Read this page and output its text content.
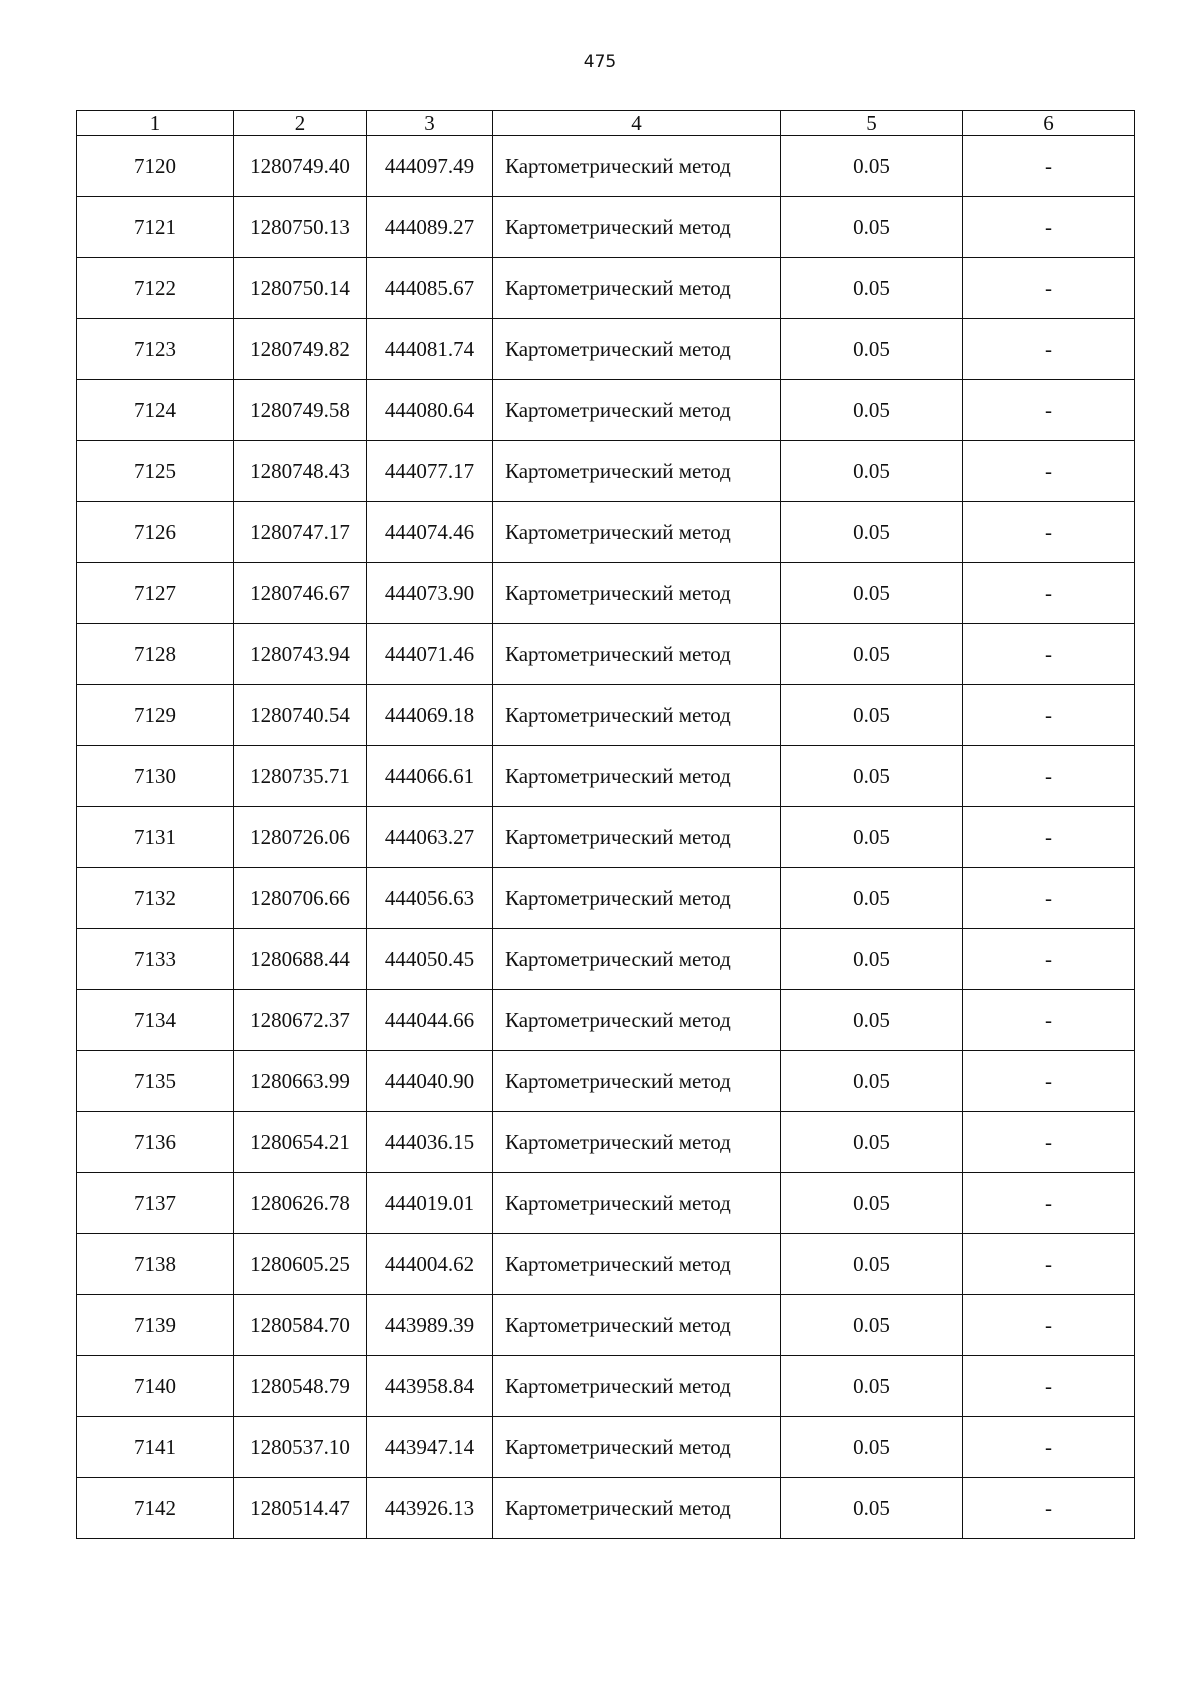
475
1	2	3	4	5	6
7120	1280749.40	444097.49	Картометрический метод	0.05	-
7121	1280750.13	444089.27	Картометрический метод	0.05	-
7122	1280750.14	444085.67	Картометрический метод	0.05	-
7123	1280749.82	444081.74	Картометрический метод	0.05	-
7124	1280749.58	444080.64	Картометрический метод	0.05	-
7125	1280748.43	444077.17	Картометрический метод	0.05	-
7126	1280747.17	444074.46	Картометрический метод	0.05	-
7127	1280746.67	444073.90	Картометрический метод	0.05	-
7128	1280743.94	444071.46	Картометрический метод	0.05	-
7129	1280740.54	444069.18	Картометрический метод	0.05	-
7130	1280735.71	444066.61	Картометрический метод	0.05	-
7131	1280726.06	444063.27	Картометрический метод	0.05	-
7132	1280706.66	444056.63	Картометрический метод	0.05	-
7133	1280688.44	444050.45	Картометрический метод	0.05	-
7134	1280672.37	444044.66	Картометрический метод	0.05	-
7135	1280663.99	444040.90	Картометрический метод	0.05	-
7136	1280654.21	444036.15	Картометрический метод	0.05	-
7137	1280626.78	444019.01	Картометрический метод	0.05	-
7138	1280605.25	444004.62	Картометрический метод	0.05	-
7139	1280584.70	443989.39	Картометрический метод	0.05	-
7140	1280548.79	443958.84	Картометрический метод	0.05	-
7141	1280537.10	443947.14	Картометрический метод	0.05	-
7142	1280514.47	443926.13	Картометрический метод	0.05	-
